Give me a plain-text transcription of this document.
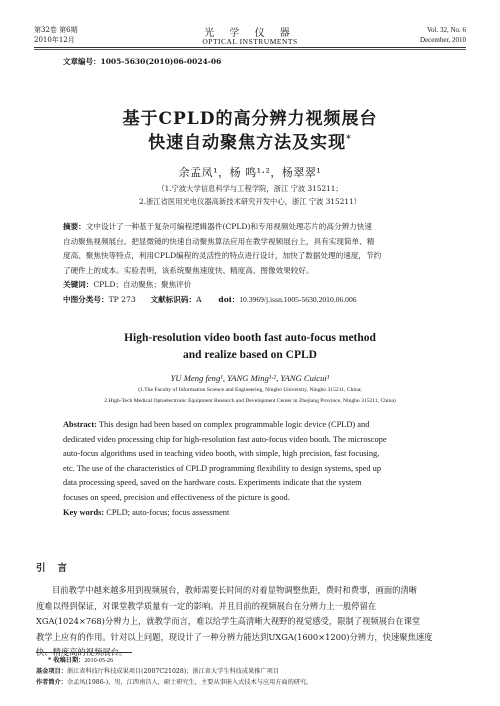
第32卷 第6期
2010年12月
光 学 仪 器
OPTICAL INSTRUMENTS
Vol. 32, No. 6
December, 2010
文章编号：1005-5630(2010)06-0024-06
基于CPLD的高分辨力视频展台
快速自动聚焦方法及实现*
余孟凤¹，杨 鸣¹·²，杨翠翠¹
（1.宁波大学信息科学与工程学院，浙江 宁波 315211；
2.浙江省医用光电仪器高新技术研究开发中心，浙江 宁波 315211）
摘要：文中设计了一种基于复杂可编程逻辑器件(CPLD)和专用视频处理芯片的高分辨力快速
自动聚焦视频展台。把显微镜的快速自动聚焦算法应用在教学视频展台上，具有实现简单、精
度高、聚焦快等特点，利用CPLD编程的灵活性的特点进行设计，加快了数据处理的速度，节约
了硬件上的成本。实验表明，该系统聚焦速度快、精度高、图像效果较好。
关键词：CPLD；自动聚焦；聚焦评价
中图分类号：TP 273 文献标识码：A doi：10.3969/j.issn.1005-5630.2010.06.006
High-resolution video booth fast auto-focus method
and realize based on CPLD
YU Meng feng¹, YANG Ming¹·², YANG Cuicui¹
(1.The Faculty of Information Science and Engineering, Ningbo University, Ningbo 315211, China;
2.High-Tech Medical Optoelectronic Equipment Research and Development Center in Zhejiang Province, Ningbo 315211, China)
Abstract: This design had been based on complex programmable logic device (CPLD) and
dedicated video processing chip for high-resolution fast auto-focus video booth. The microscope
auto-focus algorithms used in teaching video booth, with simple, high precision, fast focusing,
etc. The use of the characteristics of CPLD programming flexibility to design systems, sped up
data processing speed, saved on the hardware costs. Experiments indicate that the system
focuses on speed, precision and effectiveness of the picture is good.
Key words: CPLD; auto-focus; focus assessment
引 言
目前教学中越来越多用到视频展台，教师需要长时间的对着显物调整焦距，费时和费事，画面的清晰
度难以得到保证，对课堂教学质量有一定的影响。并且目前的视频展台在分辨力上一般停留在
XGA(1024×768)分辨力上，就教学而言，难以给学生高清晰大视野的视觉感受，限制了视频展台在课堂
教学上应有的作用。针对以上问题，现设计了一种分辨力能达到UXGA(1600×1200)分辨力，快速聚焦速度
快、精度高的视频展台。
* 收稿日期：2010-05-26
基金项目：浙江省科技厅科技成果项目(2007C21028)；浙江省大学生科技成果推广项目
作者简介：余孟凤(1986-)，男，江西南昌人，硕士研究生，主要从事嵌入式技术与应用方面的研究。
